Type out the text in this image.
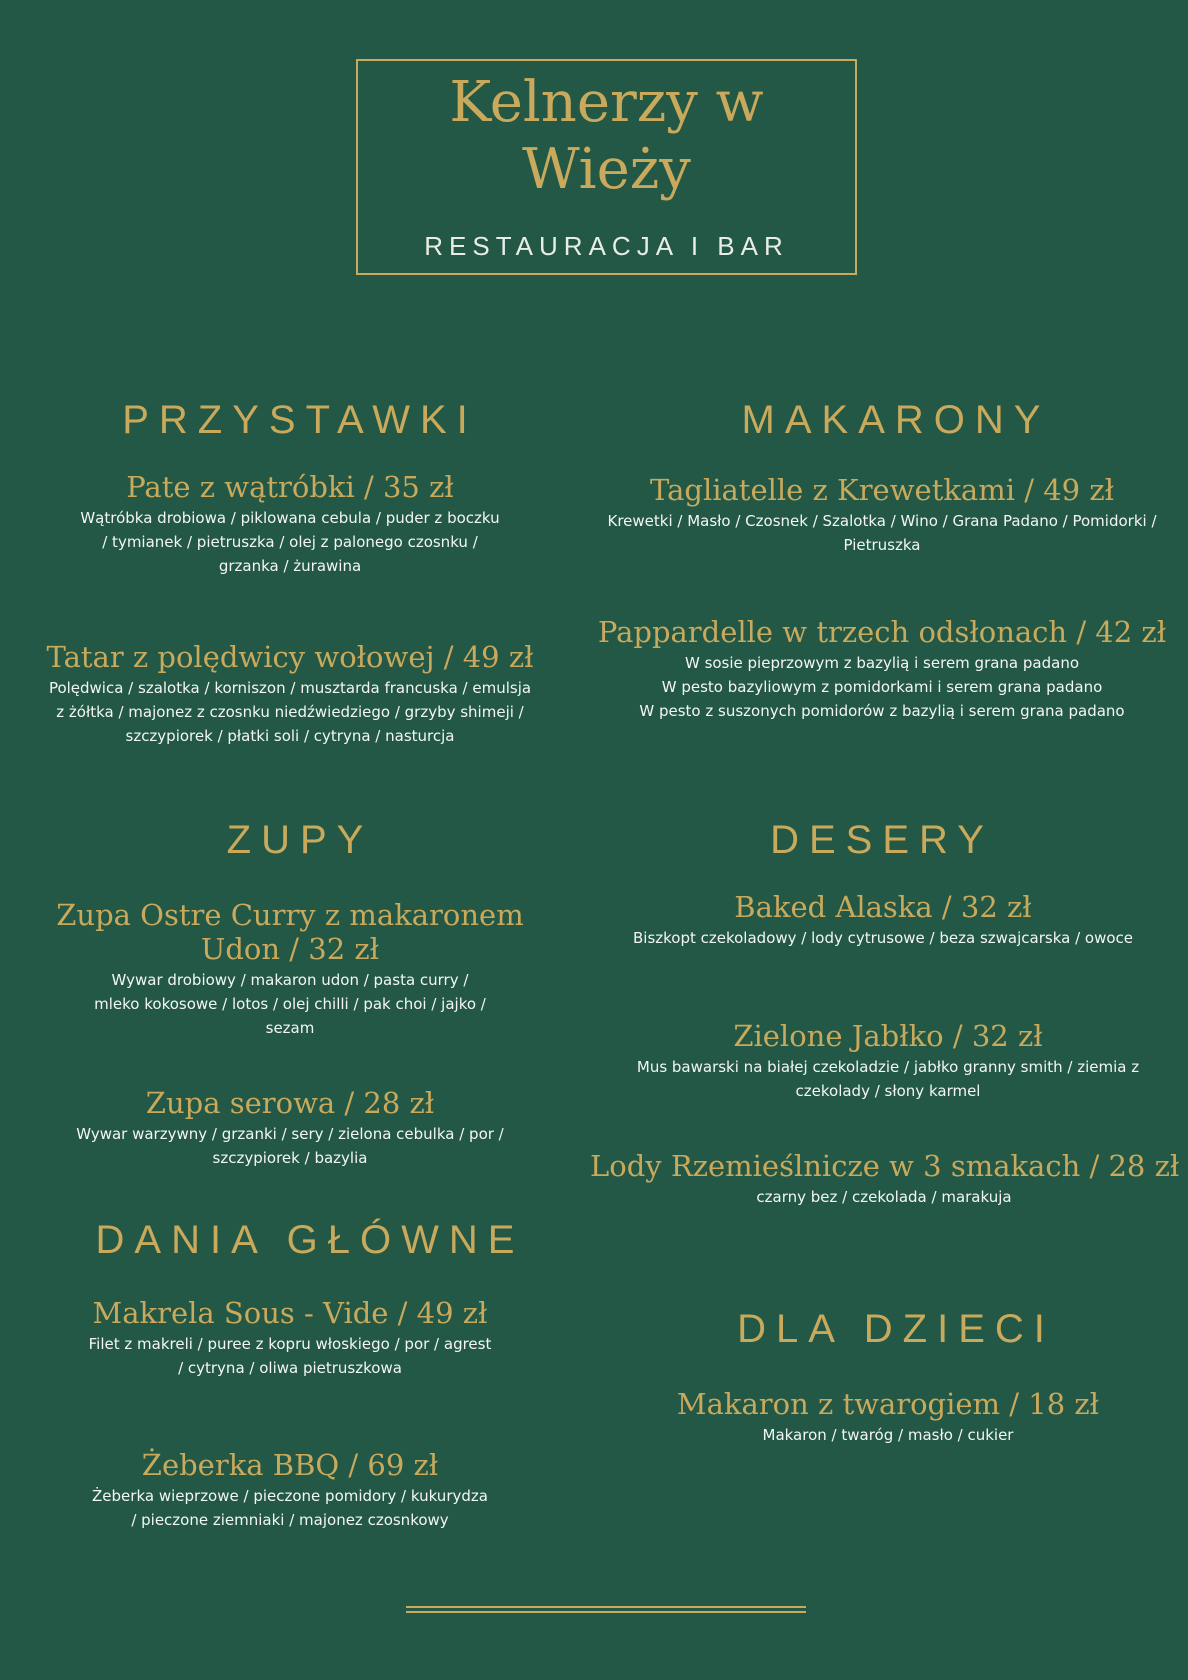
Kelnerzy w
Wieży
RESTAURACJA I BAR
PRZYSTAWKI
Pate z wątróbki / 35 zł
Wątróbka drobiowa / piklowana cebula / puder z boczku / tymianek / pietruszka / olej z palonego czosnku / grzanka / żurawina
Tatar z polędwicy wołowej / 49 zł
Polędwica / szalotka / korniszon / musztarda francuska / emulsja z żółtka / majonez z czosnku niedźwiedziego / grzyby shimeji / szczypiorek / płatki soli / cytryna / nasturcja
ZUPY
Zupa Ostre Curry z makaronem Udon / 32 zł
Wywar drobiowy / makaron udon / pasta curry / mleko kokosowe / lotos / olej chilli / pak choi / jajko / sezam
Zupa serowa / 28 zł
Wywar warzywny / grzanki / sery / zielona cebulka / por / szczypiorek / bazylia
DANIA GŁÓWNE
Makrela Sous - Vide / 49 zł
Filet z makreli / puree z kopru włoskiego / por / agrest / cytryna / oliwa pietruszkowa
Żeberka BBQ / 69 zł
Żeberka wieprzowe / pieczone pomidory / kukurydza / pieczone ziemniaki / majonez czosnkowy
MAKARONY
Tagliatelle z Krewetkami / 49 zł
Krewetki / Masło / Czosnek / Szalotka / Wino / Grana Padano / Pomidorki / Pietruszka
Pappardelle w trzech odsłonach / 42 zł
W sosie pieprzowym z bazylią i serem grana padano
W pesto bazyliowym z pomidorkami i serem grana padano
W pesto z suszonych pomidorów z bazylią i serem grana padano
DESERY
Baked Alaska / 32 zł
Biszkopt czekoladowy / lody cytrusowe / beza szwajcarska / owoce
Zielone Jabłko / 32 zł
Mus bawarski na białej czekoladzie / jabłko granny smith / ziemia z czekolady / słony karmel
Lody Rzemieślnicze w 3 smakach / 28 zł
czarny bez / czekolada / marakuja
DLA DZIECI
Makaron z twarogiem / 18 zł
Makaron / twaróg / masło / cukier
